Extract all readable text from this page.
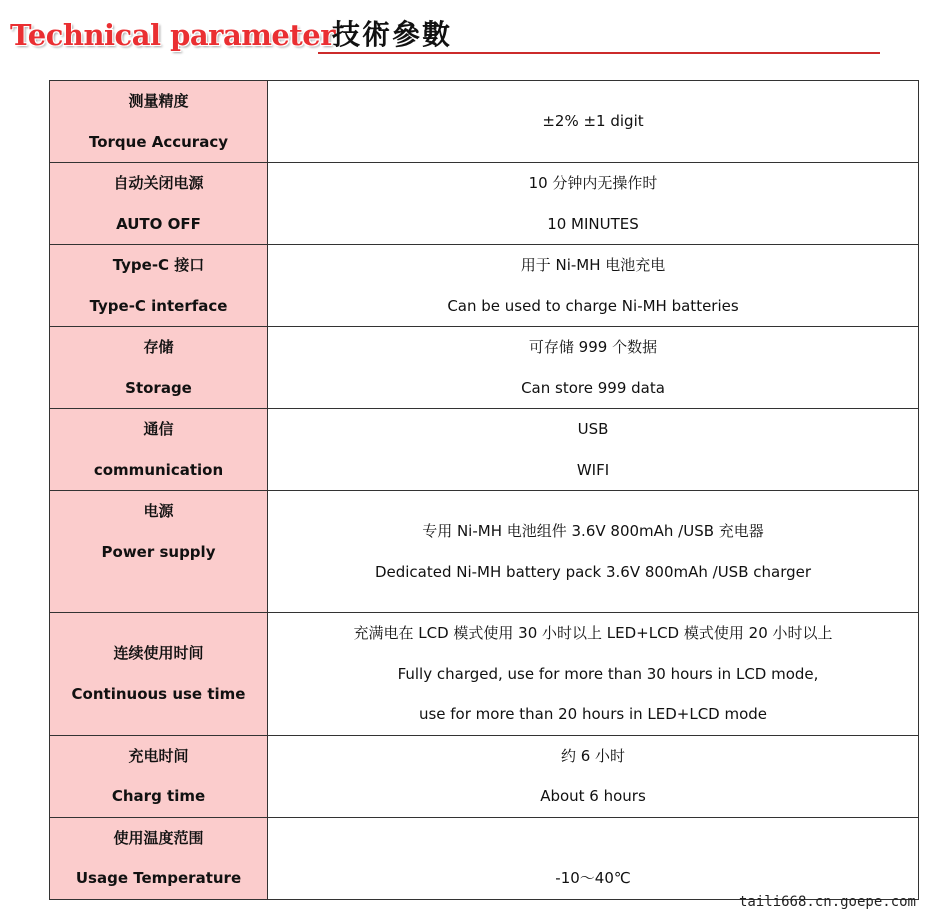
Technical parameter
技術參數
测量精度
Torque Accuracy	±2% ±1 digit

自动关闭电源
AUTO OFF	10 分钟内无操作时
10 MINUTES

Type-C 接口
Type-C interface	用于 Ni-MH 电池充电
Can be used to charge Ni-MH batteries

存储
Storage	可存储 999 个数据
Can store 999 data

通信
communication	USB
WIFI

电源
Power supply	专用 Ni-MH 电池组件 3.6V 800mAh /USB 充电器
Dedicated Ni-MH battery pack 3.6V 800mAh /USB charger

连续使用时间
Continuous use time	充满电在 LCD 模式使用 30 小时以上 LED+LCD 模式使用 20 小时以上
Fully charged, use for more than 30 hours in LCD mode,
use for more than 20 hours in LED+LCD mode

充电时间
Charg time	约 6 小时
About 6 hours

使用温度范围
Usage Temperature	-10～40℃
taili668.cn.goepe.com
